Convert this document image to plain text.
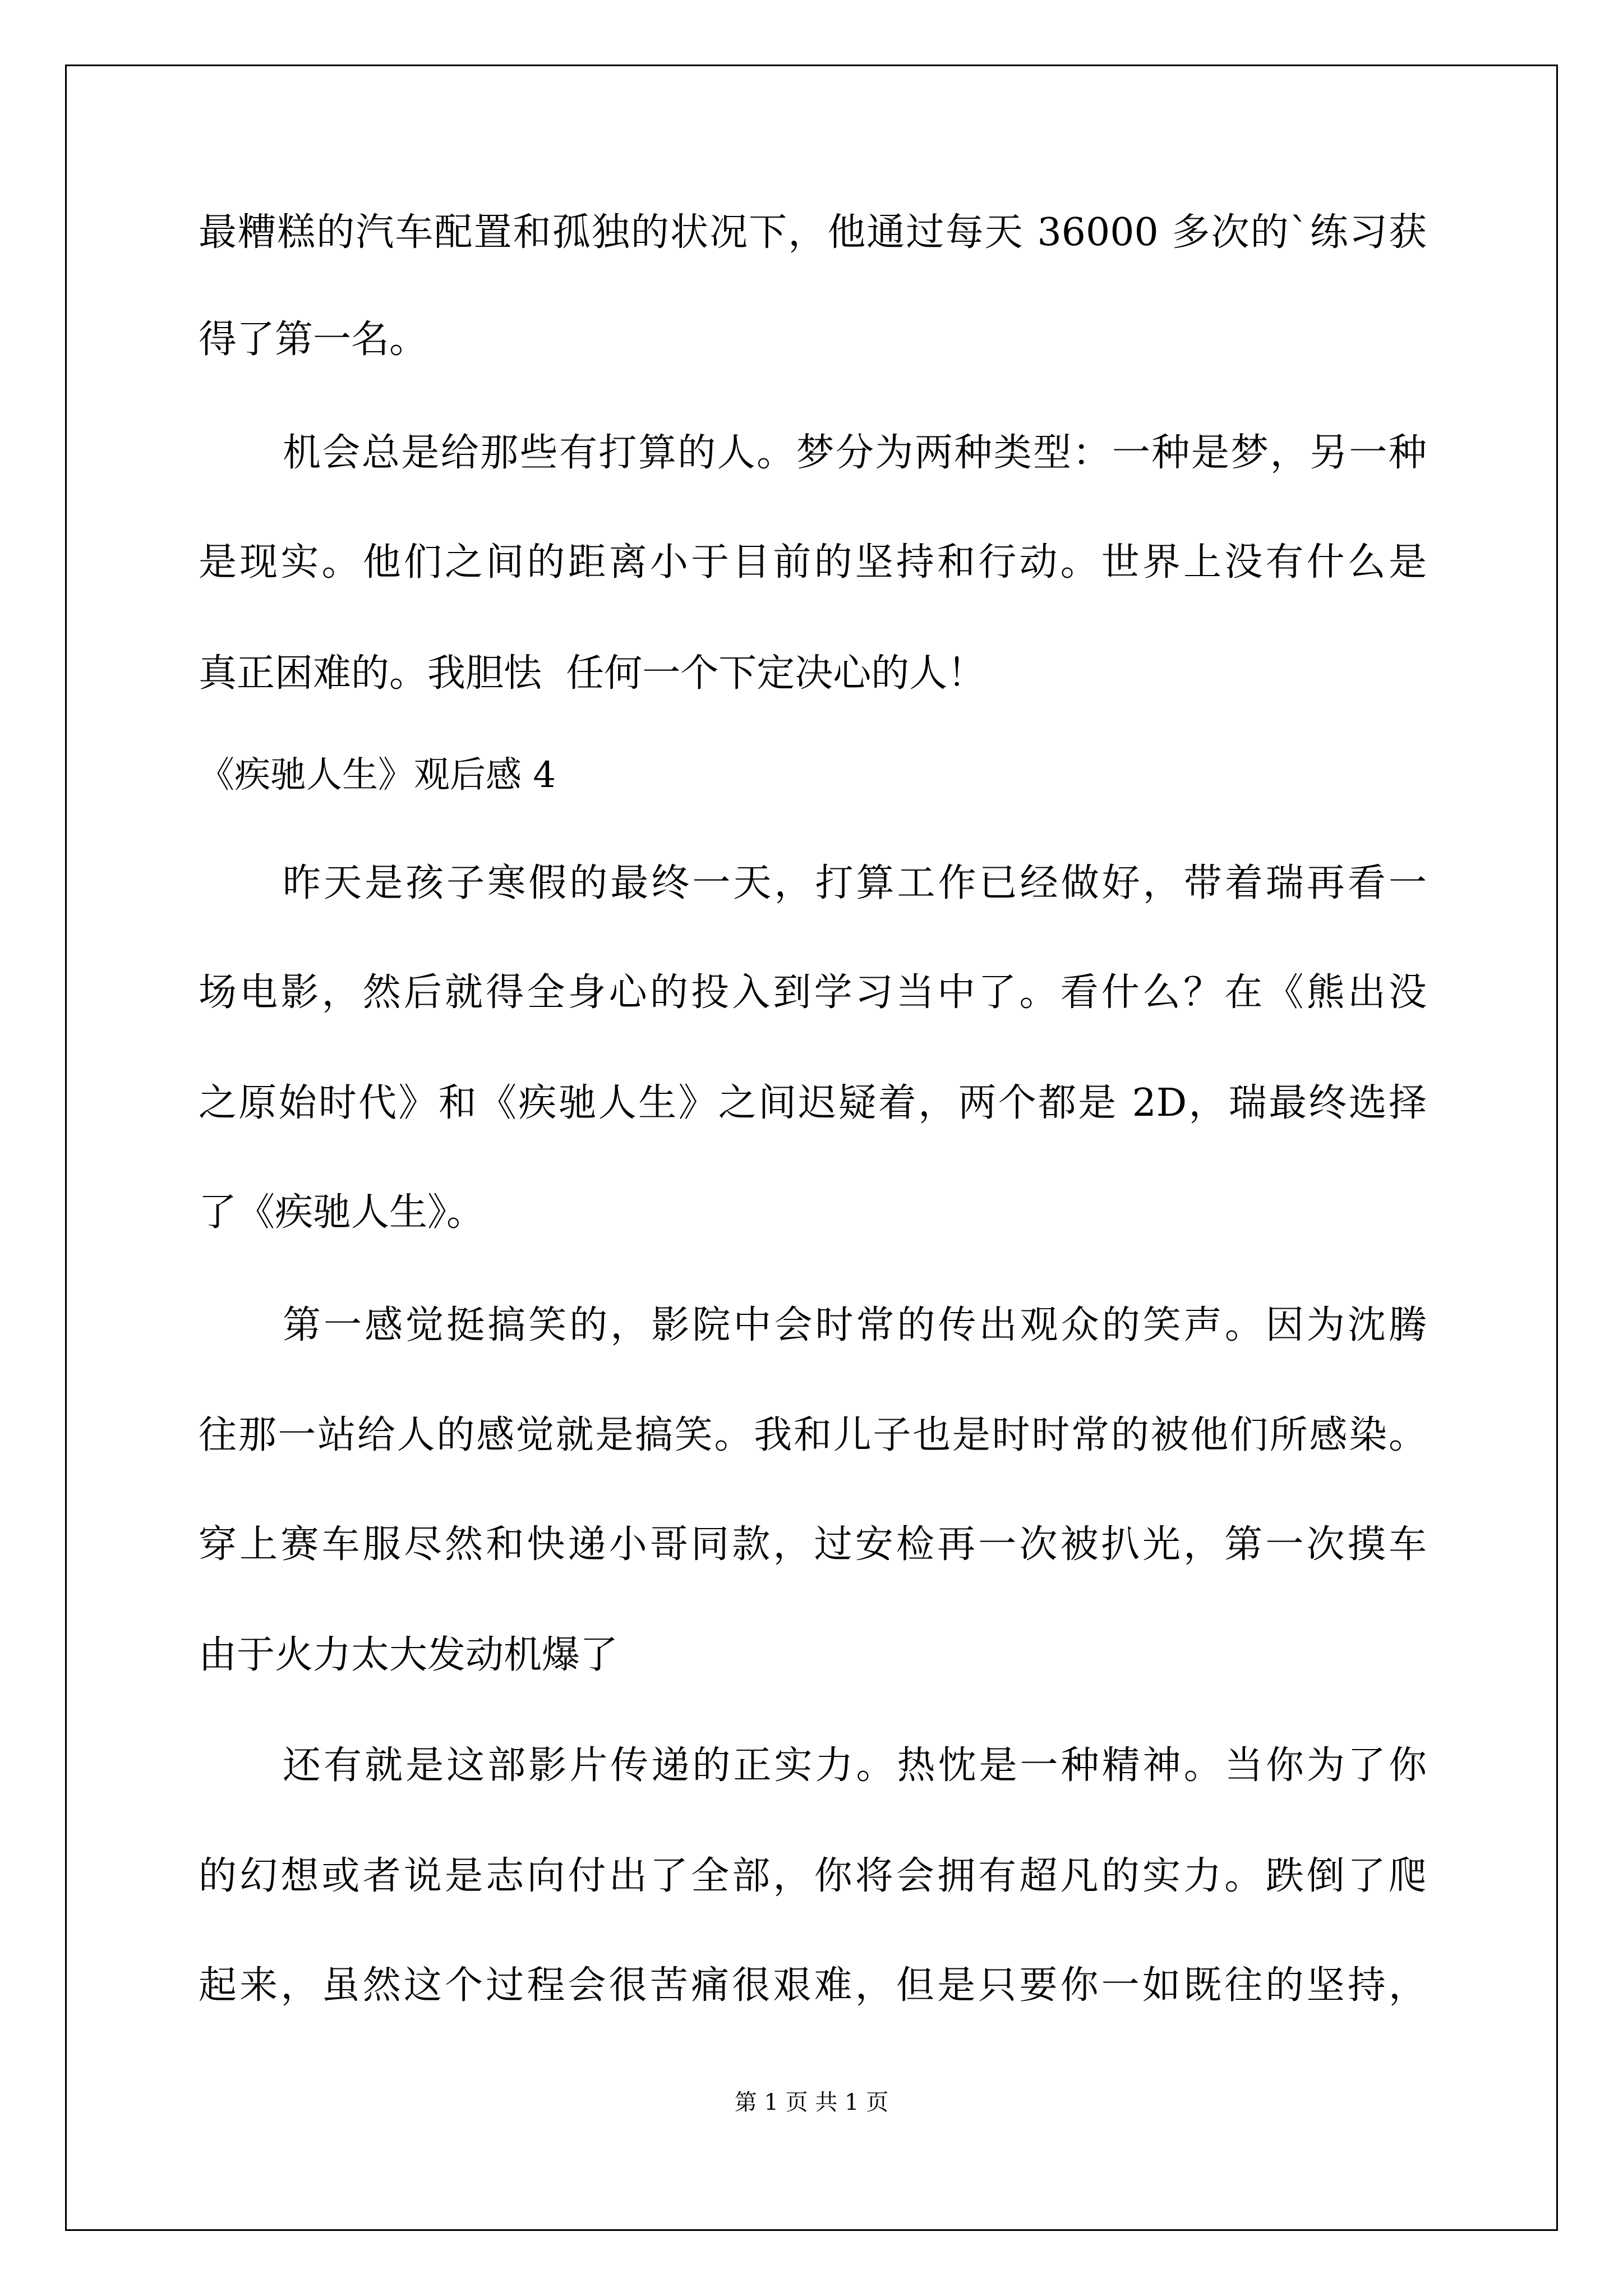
最糟糕的汽车配置和孤独的状况下，他通过每天 36000 多次的`练习获
得了第一名。
机会总是给那些有打算的人。梦分为两种类型：一种是梦，另一种
是现实。他们之间的距离小于目前的坚持和行动。世界上没有什么是
真正困难的。我胆怯  任何一个下定决心的人！
《疾驰人生》观后感 4
昨天是孩子寒假的最终一天，打算工作已经做好，带着瑞再看一
场电影，然后就得全身心的投入到学习当中了。看什么？在《熊出没
之原始时代》和《疾驰人生》之间迟疑着，两个都是 2D，瑞最终选择
了《疾驰人生》。
第一感觉挺搞笑的，影院中会时常的传出观众的笑声。因为沈腾
往那一站给人的感觉就是搞笑。我和儿子也是时时常的被他们所感染。
穿上赛车服尽然和快递小哥同款，过安检再一次被扒光，第一次摸车
由于火力太大发动机爆了
还有就是这部影片传递的正实力。热忱是一种精神。当你为了你
的幻想或者说是志向付出了全部，你将会拥有超凡的实力。跌倒了爬
起来，虽然这个过程会很苦痛很艰难，但是只要你一如既往的坚持，
第 1 页 共 1 页
